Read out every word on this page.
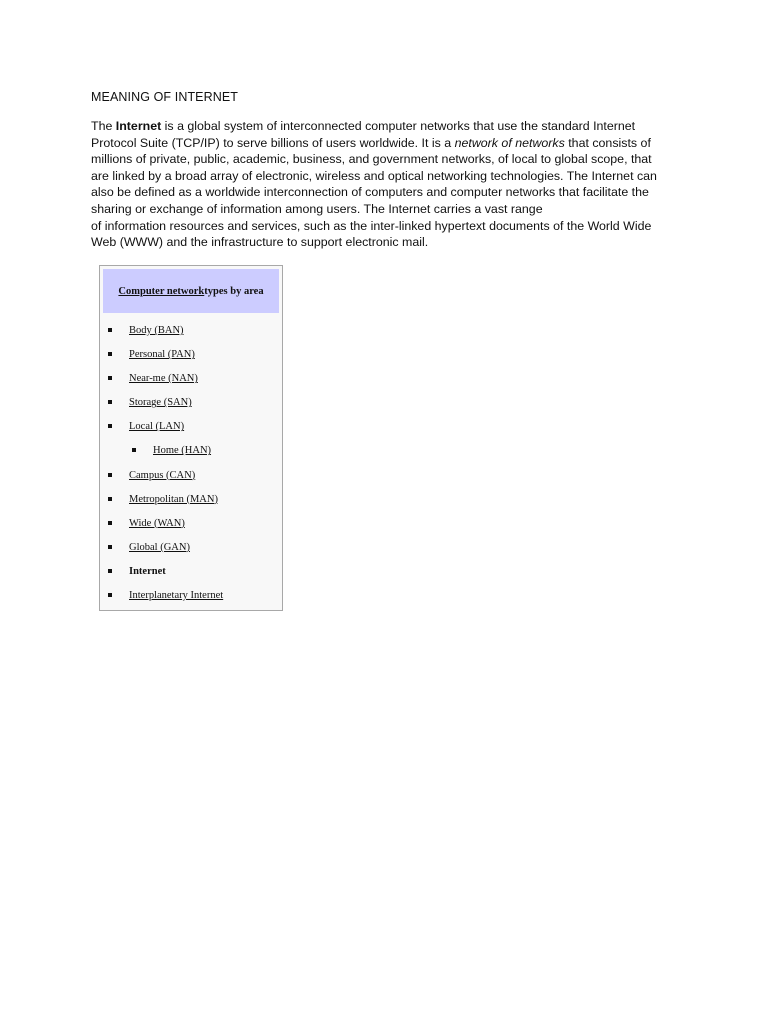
MEANING OF INTERNET

The Internet is a global system of interconnected computer networks that use the standard Internet
Protocol Suite (TCP/IP) to serve billions of users worldwide. It is a network of networks that consists of
millions of private, public, academic, business, and government networks, of local to global scope, that
are linked by a broad array of electronic, wireless and optical networking technologies. The Internet can
also be defined as a worldwide interconnection of computers and computer networks that facilitate the
sharing or exchange of information among users. The Internet carries a vast range
of information resources and services, such as the inter-linked hypertext documents of the World Wide
Web (WWW) and the infrastructure to support electronic mail.

Computer network types by area
Body (BAN)
Personal (PAN)
Near-me (NAN)
Storage (SAN)
Local (LAN)
Home (HAN)
Campus (CAN)
Metropolitan (MAN)
Wide (WAN)
Global (GAN)
Internet
Interplanetary Internet
